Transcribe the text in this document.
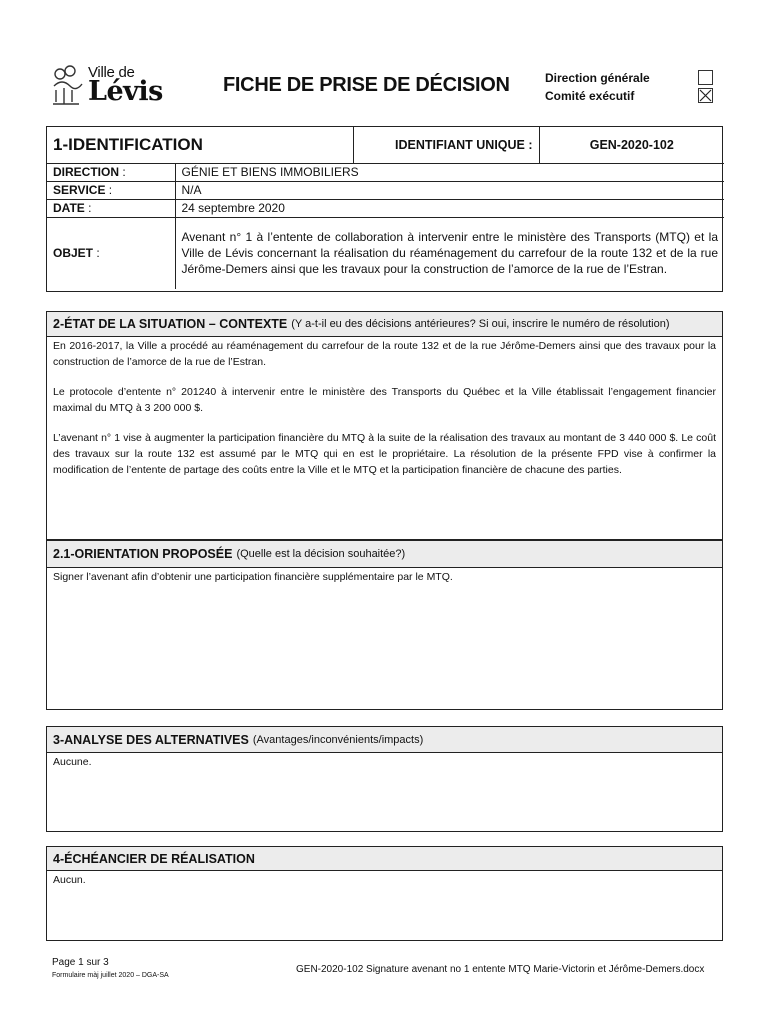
Ville de
Lévis	FICHE DE PRISE DE DÉCISION	Direction générale
Comité exécutif
1-IDENTIFICATION		IDENTIFIANT UNIQUE :	GEN-2020-102
DIRECTION :	GÉNIE ET BIENS IMMOBILIERS		
SERVICE :	N/A		
DATE :	24 septembre 2020		
OBJET :	Avenant n° 1 à l’entente de collaboration à intervenir entre le ministère des Transports (MTQ) et la Ville de Lévis concernant la réalisation du réaménagement du carrefour de la route 132 et de la rue Jérôme-Demers ainsi que les travaux pour la construction de l’amorce de la rue de l’Estran.		
2-ÉTAT DE LA SITUATION – CONTEXTE (Y a-t-il eu des décisions antérieures? Si oui, inscrire le numéro de résolution)

En 2016-2017, la Ville a procédé au réaménagement du carrefour de la route 132 et de la rue Jérôme-Demers ainsi que des travaux pour la construction de l’amorce de la rue de l’Estran.

Le protocole d’entente n° 201240 à intervenir entre le ministère des Transports du Québec et la Ville établissait l’engagement financier maximal du MTQ à 3 200 000 $.

L’avenant n° 1 vise à augmenter la participation financière du MTQ à la suite de la réalisation des travaux au montant de 3 440 000 $. Le coût des travaux sur la route 132 est assumé par le MTQ qui en est le propriétaire. La résolution de la présente FPD vise à confirmer la modification de l’entente de partage des coûts entre la Ville et le MTQ et la participation financière de chacune des parties.

2.1-ORIENTATION PROPOSÉE (Quelle est la décision souhaitée?)
Signer l’avenant afin d’obtenir une participation financière supplémentaire par le MTQ.
3-ANALYSE DES ALTERNATIVES (Avantages/inconvénients/impacts)
Aucune.
4-ÉCHÉANCIER DE RÉALISATION
Aucun.
Page 1 sur 3
Formulaire màj juillet 2020 – DGA-SA
GEN-2020-102 Signature avenant no 1 entente MTQ Marie-Victorin et Jérôme-Demers.docx
